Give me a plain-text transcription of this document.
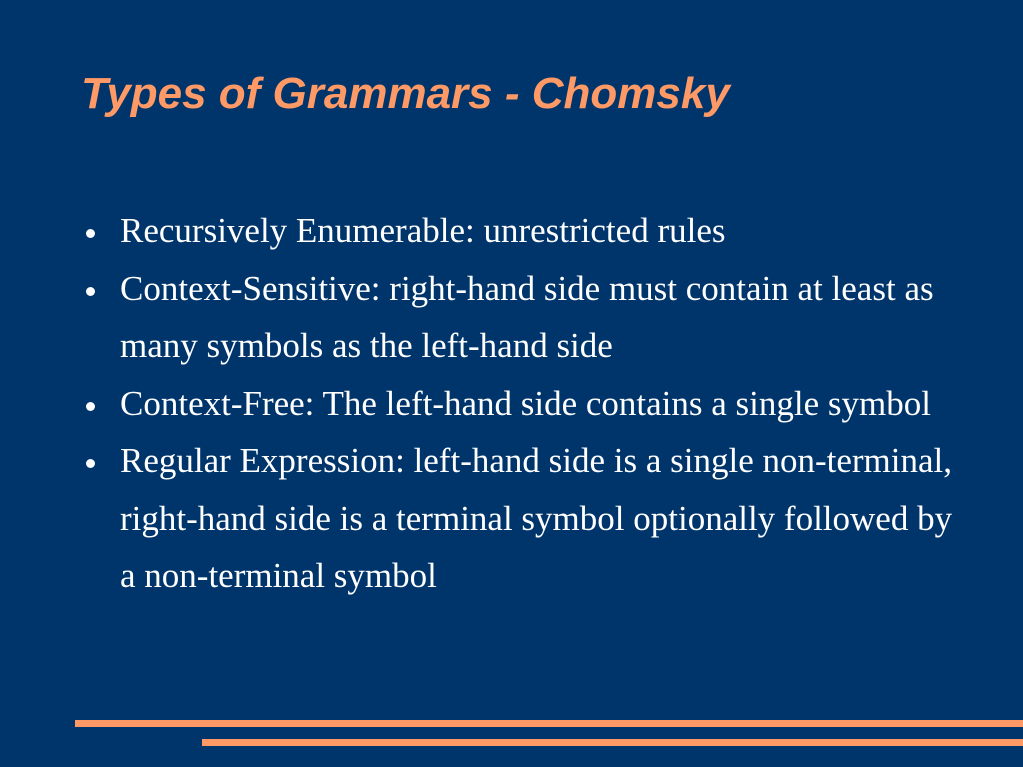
Types of Grammars - Chomsky
Recursively Enumerable: unrestricted rules
Context-Sensitive: right-hand side must contain at least as many symbols as the left-hand side
Context-Free: The left-hand side contains a single symbol
Regular Expression: left-hand side is a single non-terminal, right-hand side is a terminal symbol optionally followed by a non-terminal symbol
